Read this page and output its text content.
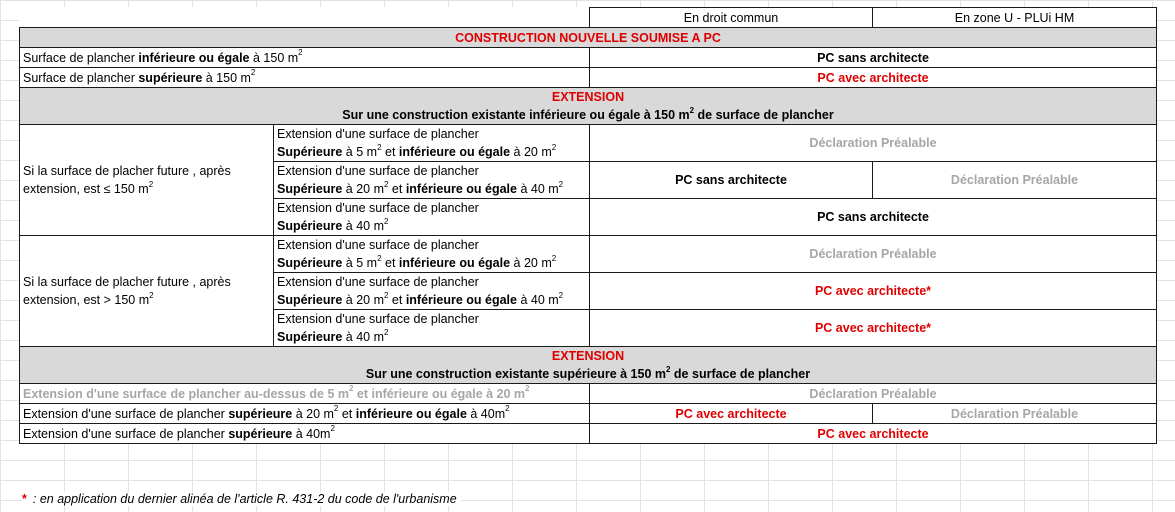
		En droit commun	En zone U - PLUi HM
CONSTRUCTION NOUVELLE SOUMISE A PC			
Surface de plancher inférieure ou égale à 150 $m^2$		PC sans architecte	
Surface de plancher supérieure à 150 $m^2$		PC avec architecte	

EXTENSION
Sur une construction existante inférieure ou égale à 150 $m^2$ de surface de plancher			

Si la surface de placher future , après
extension, est ≤ 150 $m^2$	Extension d'une surface de plancher
Supérieure à 5 $m^2$ et inférieure ou égale à 20 $m^2$	Déclaration Préalable	

	Extension d'une surface de plancher
Supérieure à 20 $m^2$ et inférieure ou égale à 40 $m^2$	PC sans architecte	Déclaration Préalable

	Extension d'une surface de plancher
Supérieure à 40 $m^2$	PC sans architecte	

Si la surface de placher future , après
extension, est > 150 $m^2$	Extension d'une surface de plancher
Supérieure à 5 $m^2$ et inférieure ou égale à 20 $m^2$	Déclaration Préalable	

	Extension d'une surface de plancher
Supérieure à 20 $m^2$ et inférieure ou égale à 40 $m^2$	PC avec architecte*	

	Extension d'une surface de plancher
Supérieure à 40 $m^2$	PC avec architecte*	

EXTENSION
Sur une construction existante supérieure à 150 $m^2$ de surface de plancher			

Extension d'une surface de plancher au-dessus de 5 $m^2$ et inférieure ou égale à 20 $m^2$		Déclaration Préalable	
Extension d'une surface de plancher supérieure à 20 $m^2$ et inférieure ou égale à $40m^2$		PC avec architecte	Déclaration Préalable
Extension d'une surface de plancher supérieure à $40m^2$		PC avec architecte	
* : en application du dernier alinéa de l'article R. 431-2 du code de l'urbanisme
